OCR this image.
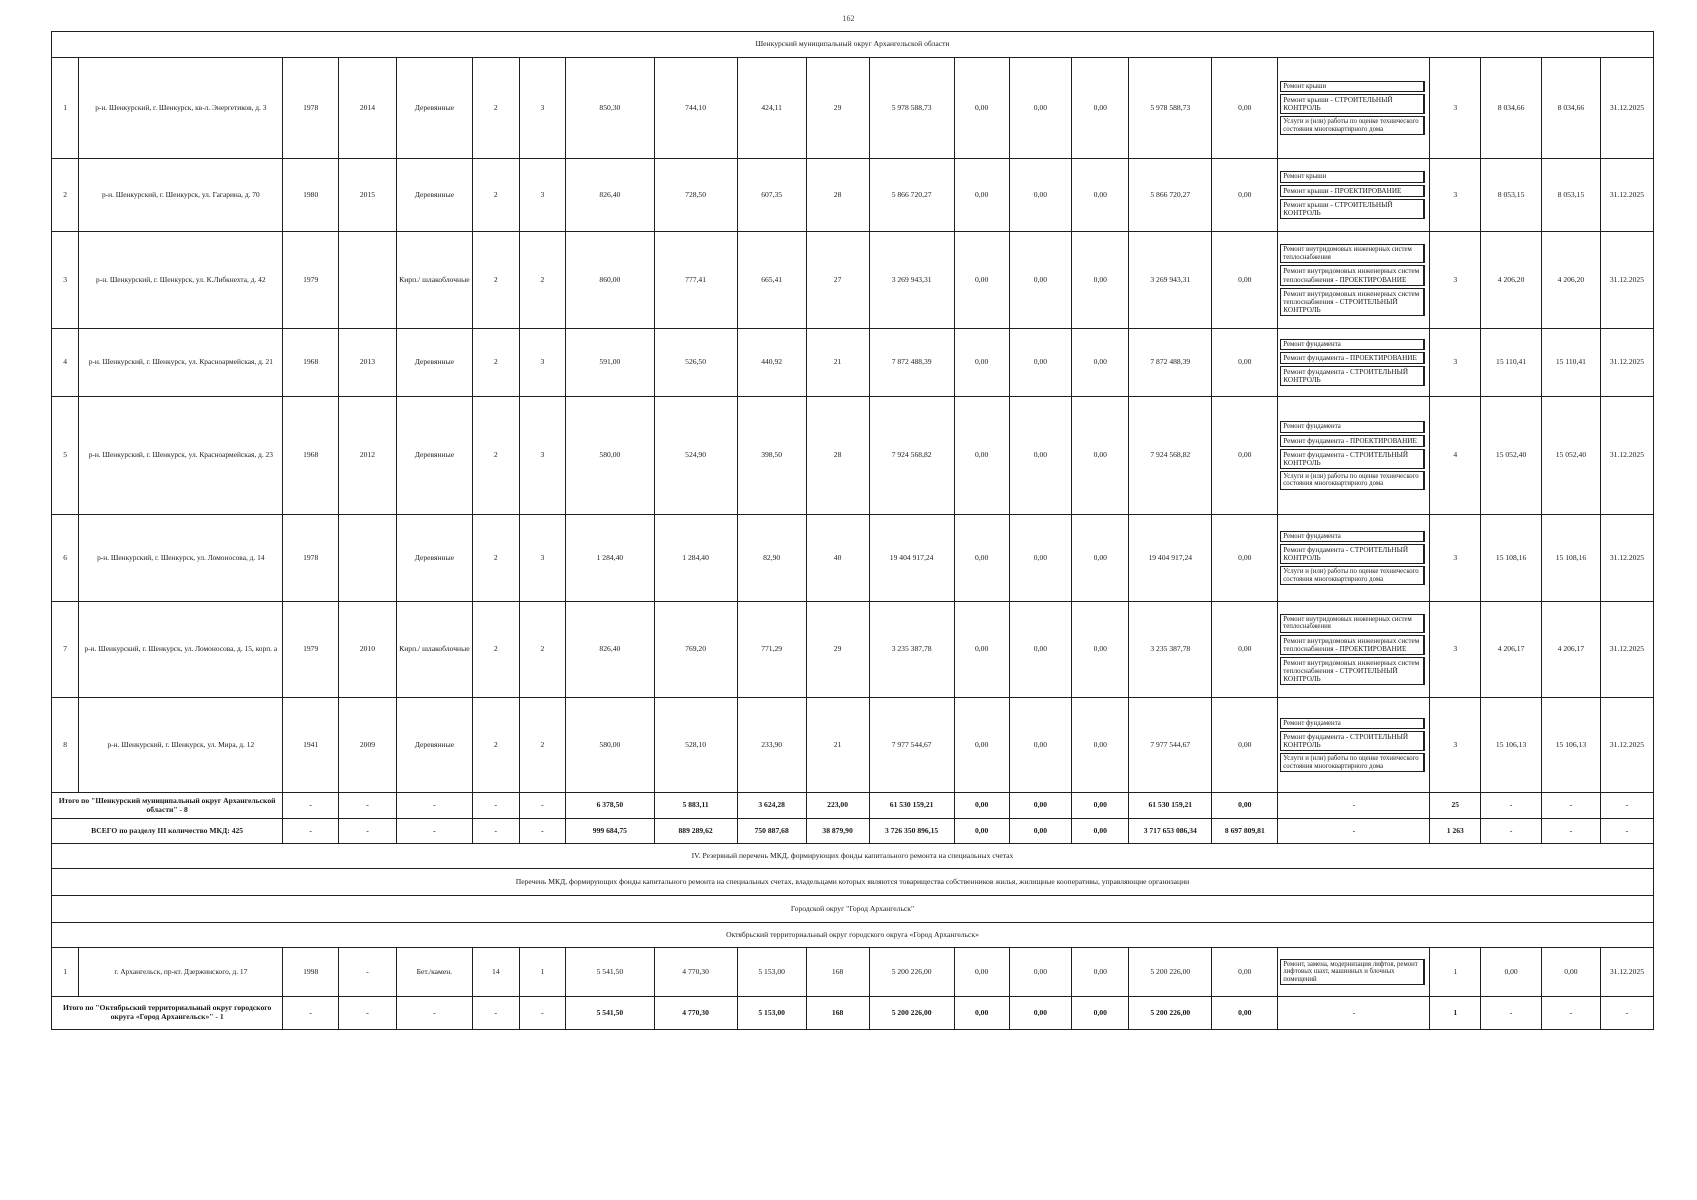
162
Шенкурский муниципальный округ Архангельской области																					
1	р-н. Шенкурский, г. Шенкурск, кв-л. Энергетиков, д. 3	1978	2014	Деревянные	2	3	850,30	744,10	424,11	29	5 978 588,73	0,00	0,00	0,00	5 978 588,73	0,00	Ремонт крыши
Ремонт крыши - СТРОИТЕЛЬНЫЙ КОНТРОЛЬ
Услуги и (или) работы по оценке технического состояния многоквартирного дома	3	8 034,66	8 034,66	31.12.2025
2	р-н. Шенкурский, г. Шенкурск, ул. Гагарина, д. 70	1980	2015	Деревянные	2	3	826,40	728,50	607,35	28	5 866 720,27	0,00	0,00	0,00	5 866 720,27	0,00	Ремонт крыши
Ремонт крыши - ПРОЕКТИРОВАНИЕ
Ремонт крыши - СТРОИТЕЛЬНЫЙ КОНТРОЛЬ	3	8 053,15	8 053,15	31.12.2025
3	р-н. Шенкурский, г. Шенкурск, ул. К.Либкнехта, д. 42	1979		Кирп./ шлакоблочные	2	2	860,00	777,41	665,41	27	3 269 943,31	0,00	0,00	0,00	3 269 943,31	0,00	Ремонт внутридомовых инженерных систем теплоснабжения
Ремонт внутридомовых инженерных систем теплоснабжения - ПРОЕКТИРОВАНИЕ
Ремонт внутридомовых инженерных систем теплоснабжения - СТРОИТЕЛЬНЫЙ КОНТРОЛЬ	3	4 206,20	4 206,20	31.12.2025
4	р-н. Шенкурский, г. Шенкурск, ул. Красноармейская, д. 21	1968	2013	Деревянные	2	3	591,00	526,50	440,92	21	7 872 488,39	0,00	0,00	0,00	7 872 488,39	0,00	Ремонт фундамента
Ремонт фундамента - ПРОЕКТИРОВАНИЕ
Ремонт фундамента - СТРОИТЕЛЬНЫЙ КОНТРОЛЬ	3	15 110,41	15 110,41	31.12.2025
5	р-н. Шенкурский, г. Шенкурск, ул. Красноармейская, д. 23	1968	2012	Деревянные	2	3	580,00	524,90	398,50	28	7 924 568,82	0,00	0,00	0,00	7 924 568,82	0,00	Ремонт фундамента
Ремонт фундамента - ПРОЕКТИРОВАНИЕ
Ремонт фундамента - СТРОИТЕЛЬНЫЙ КОНТРОЛЬ
Услуги и (или) работы по оценке технического состояния многоквартирного дома	4	15 052,40	15 052,40	31.12.2025
6	р-н. Шенкурский, г. Шенкурск, ул. Ломоносова, д. 14	1978		Деревянные	2	3	1 284,40	1 284,40	82,90	40	19 404 917,24	0,00	0,00	0,00	19 404 917,24	0,00	Ремонт фундамента
Ремонт фундамента - СТРОИТЕЛЬНЫЙ КОНТРОЛЬ
Услуги и (или) работы по оценке технического состояния многоквартирного дома	3	15 108,16	15 108,16	31.12.2025
7	р-н. Шенкурский, г. Шенкурск, ул. Ломоносова, д. 15, корп. а	1979	2010	Кирп./ шлакоблочные	2	2	826,40	769,20	771,29	29	3 235 387,78	0,00	0,00	0,00	3 235 387,78	0,00	Ремонт внутридомовых инженерных систем теплоснабжения
Ремонт внутридомовых инженерных систем теплоснабжения - ПРОЕКТИРОВАНИЕ
Ремонт внутридомовых инженерных систем теплоснабжения - СТРОИТЕЛЬНЫЙ КОНТРОЛЬ	3	4 206,17	4 206,17	31.12.2025
8	р-н. Шенкурский, г. Шенкурск, ул. Мира, д. 12	1941	2009	Деревянные	2	2	580,00	528,10	233,90	21	7 977 544,67	0,00	0,00	0,00	7 977 544,67	0,00	Ремонт фундамента
Ремонт фундамента - СТРОИТЕЛЬНЫЙ КОНТРОЛЬ
Услуги и (или) работы по оценке технического состояния многоквартирного дома	3	15 106,13	15 106,13	31.12.2025
Итого по "Шенкурский муниципальный округ Архангельской области" - 8		-	-	-	-	-	6 378,50	5 883,11	3 624,28	223,00	61 530 159,21	0,00	0,00	0,00	61 530 159,21	0,00	-	25	-	-	-
ВСЕГО по разделу III количество МКД: 425		-	-	-	-	-	999 684,75	889 289,62	750 887,68	38 879,90	3 726 350 896,15	0,00	0,00	0,00	3 717 653 086,34	8 697 809,81	-	1 263	-	-	-
IV. Резервный перечень МКД, формирующих фонды капитального ремонта на специальных счетах																					
Перечень МКД, формирующих фонды капитального ремонта на специальных счетах, владельцами которых являются товарищества собственников жилья, жилищные кооперативы, управляющие организации																					
Городской округ "Город Архангельск"																					
Октябрьский территориальный округ городского округа «Город Архангельск»																					
1	г. Архангельск, пр-кт. Дзержинского, д. 17	1998	-	Бет./камен.	14	1	5 541,50	4 770,30	5 153,00	168	5 200 226,00	0,00	0,00	0,00	5 200 226,00	0,00	Ремонт, замена, модернизация лифтов, ремонт лифтовых шахт, машинных и блочных помещений	1	0,00	0,00	31.12.2025
Итого по "Октябрьский территориальный округ городского округа «Город Архангельск»" - 1		-	-	-	-	-	5 541,50	4 770,30	5 153,00	168	5 200 226,00	0,00	0,00	0,00	5 200 226,00	0,00	-	1	-	-	-
